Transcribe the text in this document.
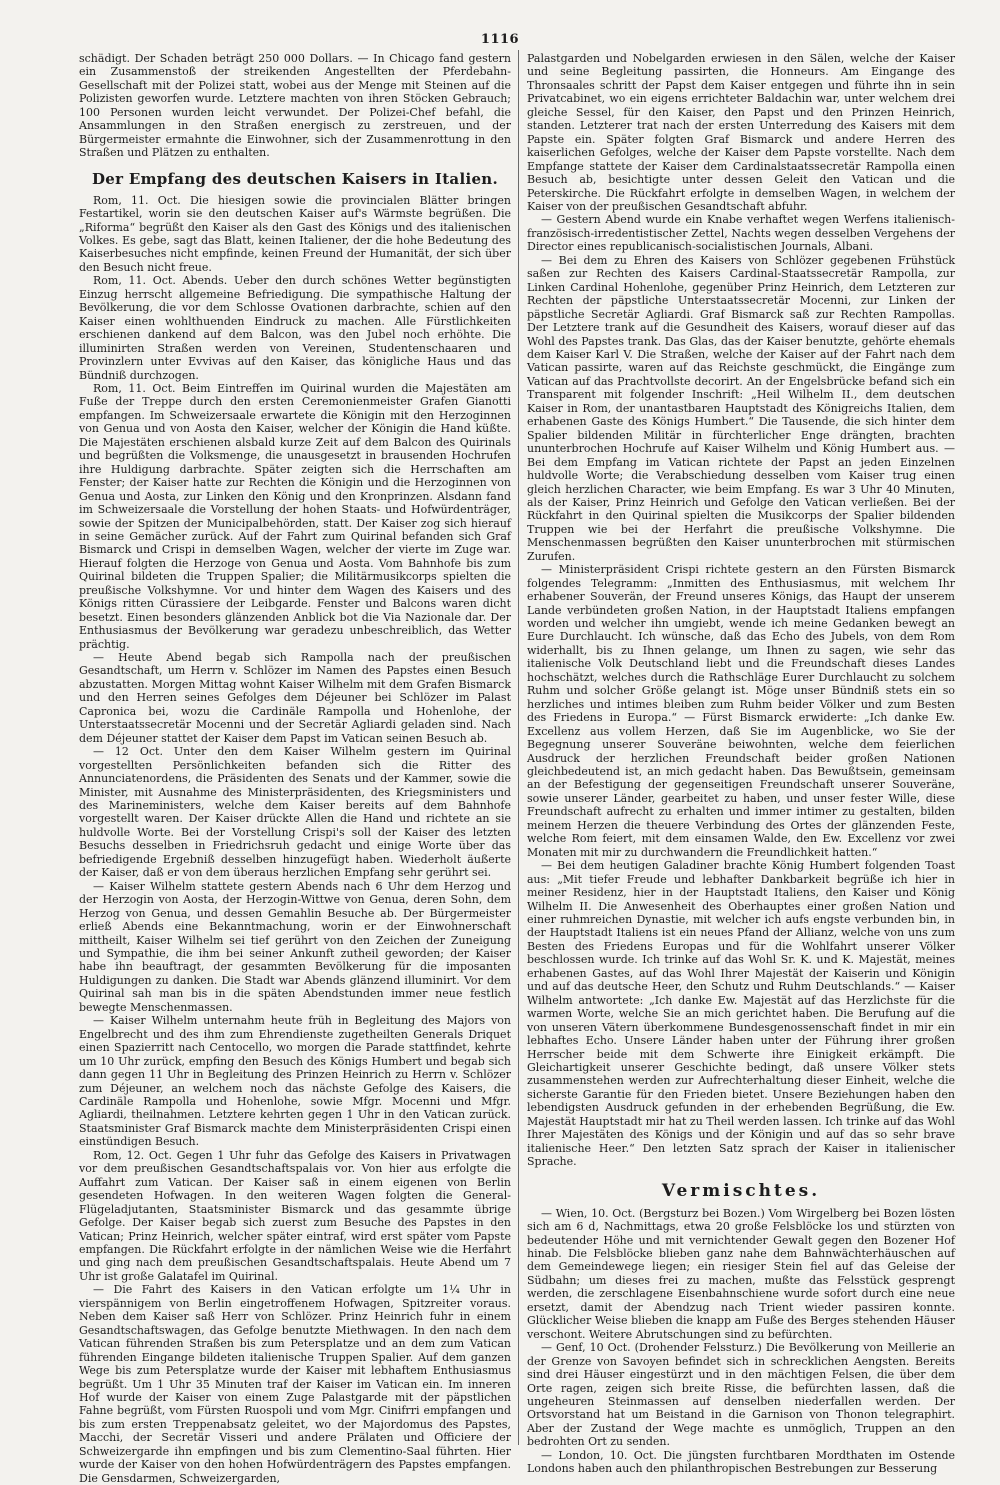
1116

schädigt. Der Schaden beträgt 250 000 Dollars. — In Chicago fand gestern ein Zusammenstoß der streikenden Angestellten der Pferdebahn-Gesellschaft mit der Polizei statt, wobei aus der Menge mit Steinen auf die Polizisten geworfen wurde. Letztere machten von ihren Stöcken Gebrauch; 100 Personen wurden leicht verwundet. Der Polizei-Chef befahl, die Ansammlungen in den Straßen energisch zu zerstreuen, und der Bürgermeister ermahnte die Einwohner, sich der Zusammenrottung in den Straßen und Plätzen zu enthalten.

Der Empfang des deutschen Kaisers in Italien.

Rom, 11. Oct. Die hiesigen sowie die provincialen Blätter bringen Festartikel, worin sie den deutschen Kaiser auf's Wärmste begrüßen. Die „Riforma“ begrüßt den Kaiser als den Gast des Königs und des italienischen Volkes. Es gebe, sagt das Blatt, keinen Italiener, der die hohe Bedeutung des Kaiserbesuches nicht empfinde, keinen Freund der Humanität, der sich über den Besuch nicht freue.

Rom, 11. Oct. Abends. Ueber den durch schönes Wetter begünstigten Einzug herrscht allgemeine Befriedigung. Die sympathische Haltung der Bevölkerung, die vor dem Schlosse Ovationen darbrachte, schien auf den Kaiser einen wohlthuenden Eindruck zu machen. Alle Fürstlichkeiten erschienen dankend auf dem Balcon, was den Jubel noch erhöhte. Die illuminirten Straßen werden von Vereinen, Studentenschaaren und Provinzlern unter Evvivas auf den Kaiser, das königliche Haus und das Bündniß durchzogen.

Rom, 11. Oct. Beim Eintreffen im Quirinal wurden die Majestäten am Fuße der Treppe durch den ersten Ceremonienmeister Grafen Gianotti empfangen. Im Schweizersaale erwartete die Königin mit den Herzoginnen von Genua und von Aosta den Kaiser, welcher der Königin die Hand küßte. Die Majestäten erschienen alsbald kurze Zeit auf dem Balcon des Quirinals und begrüßten die Volksmenge, die unausgesetzt in brausenden Hochrufen ihre Huldigung darbrachte. Später zeigten sich die Herrschaften am Fenster; der Kaiser hatte zur Rechten die Königin und die Herzoginnen von Genua und Aosta, zur Linken den König und den Kronprinzen. Alsdann fand im Schweizersaale die Vorstellung der hohen Staats- und Hofwürdenträger, sowie der Spitzen der Municipalbehörden, statt. Der Kaiser zog sich hierauf in seine Gemächer zurück. Auf der Fahrt zum Quirinal befanden sich Graf Bismarck und Crispi in demselben Wagen, welcher der vierte im Zuge war. Hierauf folgten die Herzoge von Genua und Aosta. Vom Bahnhofe bis zum Quirinal bildeten die Truppen Spalier; die Militärmusikcorps spielten die preußische Volkshymne. Vor und hinter dem Wagen des Kaisers und des Königs ritten Cürassiere der Leibgarde. Fenster und Balcons waren dicht besetzt. Einen besonders glänzenden Anblick bot die Via Nazionale dar. Der Enthusiasmus der Bevölkerung war geradezu unbeschreiblich, das Wetter prächtig.

— Heute Abend begab sich Rampolla nach der preußischen Gesandtschaft, um Herrn v. Schlözer im Namen des Papstes einen Besuch abzustatten. Morgen Mittag wohnt Kaiser Wilhelm mit dem Grafen Bismarck und den Herren seines Gefolges dem Déjeuner bei Schlözer im Palast Capronica bei, wozu die Cardinäle Rampolla und Hohenlohe, der Unterstaatssecretär Mocenni und der Secretär Agliardi geladen sind. Nach dem Déjeuner stattet der Kaiser dem Papst im Vatican seinen Besuch ab.

— 12 Oct. Unter den dem Kaiser Wilhelm gestern im Quirinal vorgestellten Persönlichkeiten befanden sich die Ritter des Annunciatenordens, die Präsidenten des Senats und der Kammer, sowie die Minister, mit Ausnahme des Ministerpräsidenten, des Kriegsministers und des Marineministers, welche dem Kaiser bereits auf dem Bahnhofe vorgestellt waren. Der Kaiser drückte Allen die Hand und richtete an sie huldvolle Worte. Bei der Vorstellung Crispi's soll der Kaiser des letzten Besuchs desselben in Friedrichsruh gedacht und einige Worte über das befriedigende Ergebniß desselben hinzugefügt haben. Wiederholt äußerte der Kaiser, daß er von dem überaus herzlichen Empfang sehr gerührt sei.

— Kaiser Wilhelm stattete gestern Abends nach 6 Uhr dem Herzog und der Herzogin von Aosta, der Herzogin-Wittwe von Genua, deren Sohn, dem Herzog von Genua, und dessen Gemahlin Besuche ab. Der Bürgermeister erließ Abends eine Bekanntmachung, worin er der Einwohnerschaft mittheilt, Kaiser Wilhelm sei tief gerührt von den Zeichen der Zuneigung und Sympathie, die ihm bei seiner Ankunft zutheil geworden; der Kaiser habe ihn beauftragt, der gesammten Bevölkerung für die imposanten Huldigungen zu danken. Die Stadt war Abends glänzend illuminirt. Vor dem Quirinal sah man bis in die späten Abendstunden immer neue festlich bewegte Menschenmassen.

— Kaiser Wilhelm unternahm heute früh in Begleitung des Majors von Engelbrecht und des ihm zum Ehrendienste zugetheilten Generals Driquet einen Spazierritt nach Centocello, wo morgen die Parade stattfindet, kehrte um 10 Uhr zurück, empfing den Besuch des Königs Humbert und begab sich dann gegen 11 Uhr in Begleitung des Prinzen Heinrich zu Herrn v. Schlözer zum Déjeuner, an welchem noch das nächste Gefolge des Kaisers, die Cardinäle Rampolla und Hohenlohe, sowie Mfgr. Mocenni und Mfgr. Agliardi, theilnahmen. Letztere kehrten gegen 1 Uhr in den Vatican zurück. Staatsminister Graf Bismarck machte dem Ministerpräsidenten Crispi einen einstündigen Besuch.

Rom, 12. Oct. Gegen 1 Uhr fuhr das Gefolge des Kaisers in Privatwagen vor dem preußischen Gesandtschaftspalais vor. Von hier aus erfolgte die Auffahrt zum Vatican. Der Kaiser saß in einem eigenen von Berlin gesendeten Hofwagen. In den weiteren Wagen folgten die General-Flügeladjutanten, Staatsminister Bismarck und das gesammte übrige Gefolge. Der Kaiser begab sich zuerst zum Besuche des Papstes in den Vatican; Prinz Heinrich, welcher später eintraf, wird erst später vom Papste empfangen. Die Rückfahrt erfolgte in der nämlichen Weise wie die Herfahrt und ging nach dem preußischen Gesandtschaftspalais. Heute Abend um 7 Uhr ist große Galatafel im Quirinal.

— Die Fahrt des Kaisers in den Vatican erfolgte um 1¼ Uhr in vierspännigem von Berlin eingetroffenem Hofwagen, Spitzreiter voraus. Neben dem Kaiser saß Herr von Schlözer. Prinz Heinrich fuhr in einem Gesandtschaftswagen, das Gefolge benutzte Miethwagen. In den nach dem Vatican führenden Straßen bis zum Petersplatze und an dem zum Vatican führenden Eingange bildeten italienische Truppen Spalier. Auf dem ganzen Wege bis zum Petersplatze wurde der Kaiser mit lebhaftem Enthusiasmus begrüßt. Um 1 Uhr 35 Minuten traf der Kaiser im Vatican ein. Im inneren Hof wurde der Kaiser von einem Zuge Palastgarde mit der päpstlichen Fahne begrüßt, vom Fürsten Ruospoli und vom Mgr. Cinifrri empfangen und bis zum ersten Treppenabsatz geleitet, wo der Majordomus des Papstes, Macchi, der Secretär Visseri und andere Prälaten und Officiere der Schweizergarde ihn empfingen und bis zum Clementino-Saal führten. Hier wurde der Kaiser von den hohen Hofwürdenträgern des Papstes empfangen. Die Gensdarmen, Schweizergarden,

Palastgarden und Nobelgarden erwiesen in den Sälen, welche der Kaiser und seine Begleitung passirten, die Honneurs. Am Eingange des Thronsaales schritt der Papst dem Kaiser entgegen und führte ihn in sein Privatcabinet, wo ein eigens errichteter Baldachin war, unter welchem drei gleiche Sessel, für den Kaiser, den Papst und den Prinzen Heinrich, standen. Letzterer trat nach der ersten Unterredung des Kaisers mit dem Papste ein. Später folgten Graf Bismarck und andere Herren des kaiserlichen Gefolges, welche der Kaiser dem Papste vorstellte. Nach dem Empfange stattete der Kaiser dem Cardinalstaatssecretär Rampolla einen Besuch ab, besichtigte unter dessen Geleit den Vatican und die Peterskirche. Die Rückfahrt erfolgte in demselben Wagen, in welchem der Kaiser von der preußischen Gesandtschaft abfuhr.

— Gestern Abend wurde ein Knabe verhaftet wegen Werfens italienisch-französisch-irredentistischer Zettel, Nachts wegen desselben Vergehens der Director eines republicanisch-socialistischen Journals, Albani.

— Bei dem zu Ehren des Kaisers von Schlözer gegebenen Frühstück saßen zur Rechten des Kaisers Cardinal-Staatssecretär Rampolla, zur Linken Cardinal Hohenlohe, gegenüber Prinz Heinrich, dem Letzteren zur Rechten der päpstliche Unterstaatssecretär Mocenni, zur Linken der päpstliche Secretär Agliardi. Graf Bismarck saß zur Rechten Rampollas. Der Letztere trank auf die Gesundheit des Kaisers, worauf dieser auf das Wohl des Papstes trank. Das Glas, das der Kaiser benutzte, gehörte ehemals dem Kaiser Karl V. Die Straßen, welche der Kaiser auf der Fahrt nach dem Vatican passirte, waren auf das Reichste geschmückt, die Eingänge zum Vatican auf das Prachtvollste decorirt. An der Engelsbrücke befand sich ein Transparent mit folgender Inschrift: „Heil Wilhelm II., dem deutschen Kaiser in Rom, der unantastbaren Hauptstadt des Königreichs Italien, dem erhabenen Gaste des Königs Humbert.“ Die Tausende, die sich hinter dem Spalier bildenden Militär in fürchterlicher Enge drängten, brachten ununterbrochen Hochrufe auf Kaiser Wilhelm und König Humbert aus. — Bei dem Empfang im Vatican richtete der Papst an jeden Einzelnen huldvolle Worte; die Verabschiedung desselben vom Kaiser trug einen gleich herzlichen Character, wie beim Empfang. Es war 3 Uhr 40 Minuten, als der Kaiser, Prinz Heinrich und Gefolge den Vatican verließen. Bei der Rückfahrt in den Quirinal spielten die Musikcorps der Spalier bildenden Truppen wie bei der Herfahrt die preußische Volkshymne. Die Menschenmassen begrüßten den Kaiser ununterbrochen mit stürmischen Zurufen.

— Ministerpräsident Crispi richtete gestern an den Fürsten Bismarck folgendes Telegramm: „Inmitten des Enthusiasmus, mit welchem Ihr erhabener Souverän, der Freund unseres Königs, das Haupt der unserem Lande verbündeten großen Nation, in der Hauptstadt Italiens empfangen worden und welcher ihn umgiebt, wende ich meine Gedanken bewegt an Eure Durchlaucht. Ich wünsche, daß das Echo des Jubels, von dem Rom widerhallt, bis zu Ihnen gelange, um Ihnen zu sagen, wie sehr das italienische Volk Deutschland liebt und die Freundschaft dieses Landes hochschätzt, welches durch die Rathschläge Eurer Durchlaucht zu solchem Ruhm und solcher Größe gelangt ist. Möge unser Bündniß stets ein so herzliches und intimes bleiben zum Ruhm beider Völker und zum Besten des Friedens in Europa.“ — Fürst Bismarck erwiderte: „Ich danke Ew. Excellenz aus vollem Herzen, daß Sie im Augenblicke, wo Sie der Begegnung unserer Souveräne beiwohnten, welche dem feierlichen Ausdruck der herzlichen Freundschaft beider großen Nationen gleichbedeutend ist, an mich gedacht haben. Das Bewußtsein, gemeinsam an der Befestigung der gegenseitigen Freundschaft unserer Souveräne, sowie unserer Länder, gearbeitet zu haben, und unser fester Wille, diese Freundschaft aufrecht zu erhalten und immer intimer zu gestalten, bilden meinem Herzen die theuere Verbindung des Ortes der glänzenden Feste, welche Rom feiert, mit dem einsamen Walde, den Ew. Excellenz vor zwei Monaten mit mir zu durchwandern die Freundlichkeit hatten.“

— Bei dem heutigen Galadiner brachte König Humbert folgenden Toast aus: „Mit tiefer Freude und lebhafter Dankbarkeit begrüße ich hier in meiner Residenz, hier in der Hauptstadt Italiens, den Kaiser und König Wilhelm II. Die Anwesenheit des Oberhauptes einer großen Nation und einer ruhmreichen Dynastie, mit welcher ich aufs engste verbunden bin, in der Hauptstadt Italiens ist ein neues Pfand der Allianz, welche von uns zum Besten des Friedens Europas und für die Wohlfahrt unserer Völker beschlossen wurde. Ich trinke auf das Wohl Sr. K. und K. Majestät, meines erhabenen Gastes, auf das Wohl Ihrer Majestät der Kaiserin und Königin und auf das deutsche Heer, den Schutz und Ruhm Deutschlands.“ — Kaiser Wilhelm antwortete: „Ich danke Ew. Majestät auf das Herzlichste für die warmen Worte, welche Sie an mich gerichtet haben. Die Berufung auf die von unseren Vätern überkommene Bundesgenossenschaft findet in mir ein lebhaftes Echo. Unsere Länder haben unter der Führung ihrer großen Herrscher beide mit dem Schwerte ihre Einigkeit erkämpft. Die Gleichartigkeit unserer Geschichte bedingt, daß unsere Völker stets zusammenstehen werden zur Aufrechterhaltung dieser Einheit, welche die sicherste Garantie für den Frieden bietet. Unsere Beziehungen haben den lebendigsten Ausdruck gefunden in der erhebenden Begrüßung, die Ew. Majestät Hauptstadt mir hat zu Theil werden lassen. Ich trinke auf das Wohl Ihrer Majestäten des Königs und der Königin und auf das so sehr brave italienische Heer.“ Den letzten Satz sprach der Kaiser in italienischer Sprache.

Vermischtes.

— Wien, 10. Oct. (Bergsturz bei Bozen.) Vom Wirgelberg bei Bozen lösten sich am 6 d, Nachmittags, etwa 20 große Felsblöcke los und stürzten von bedeutender Höhe und mit vernichtender Gewalt gegen den Bozener Hof hinab. Die Felsblöcke blieben ganz nahe dem Bahnwächterhäuschen auf dem Gemeindewege liegen; ein riesiger Stein fiel auf das Geleise der Südbahn; um dieses frei zu machen, mußte das Felsstück gesprengt werden, die zerschlagene Eisenbahnschiene wurde sofort durch eine neue ersetzt, damit der Abendzug nach Trient wieder passiren konnte. Glücklicher Weise blieben die knapp am Fuße des Berges stehenden Häuser verschont. Weitere Abrutschungen sind zu befürchten.

— Genf, 10 Oct. (Drohender Felssturz.) Die Bevölkerung von Meillerie an der Grenze von Savoyen befindet sich in schrecklichen Aengsten. Bereits sind drei Häuser eingestürzt und in den mächtigen Felsen, die über dem Orte ragen, zeigen sich breite Risse, die befürchten lassen, daß die ungeheuren Steinmassen auf denselben niederfallen werden. Der Ortsvorstand hat um Beistand in die Garnison von Thonon telegraphirt. Aber der Zustand der Wege machte es unmöglich, Truppen an den bedrohten Ort zu senden.

— London, 10. Oct. Die jüngsten furchtbaren Mordthaten im Ostende Londons haben auch den philanthropischen Bestrebungen zur Besserung
